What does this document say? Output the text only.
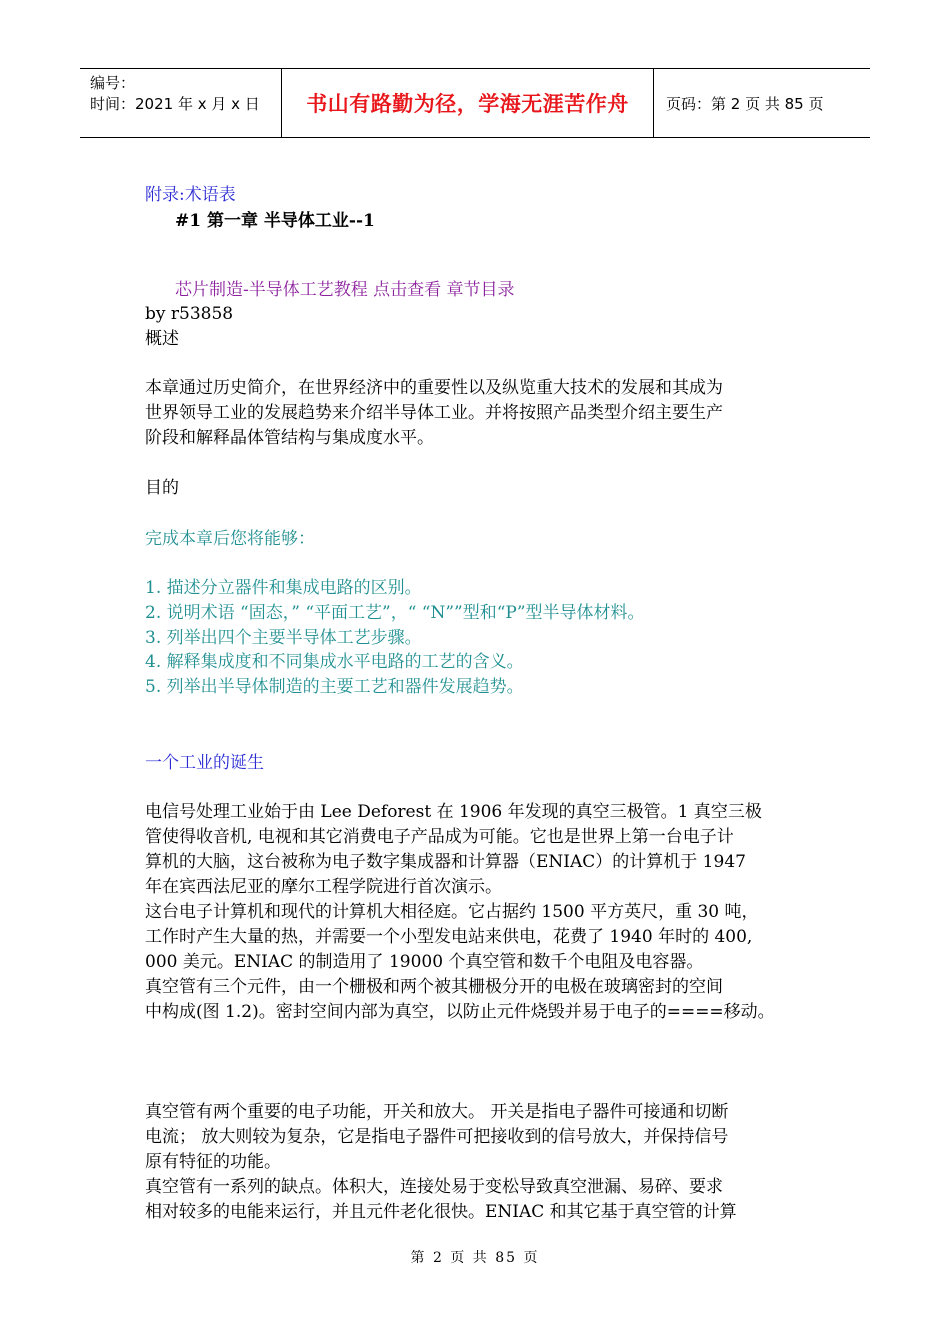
编号：
时间：2021 年 x 月 x 日	书山有路勤为径，学海无涯苦作舟	页码：第 2 页 共 85 页
附录:术语表
#1 第一章 半导体工业--1
芯片制造-半导体工艺教程 点击查看 章节目录
by r53858
概述
本章通过历史简介，在世界经济中的重要性以及纵览重大技术的发展和其成为
世界领导工业的发展趋势来介绍半导体工业。并将按照产品类型介绍主要生产
阶段和解释晶体管结构与集成度水平。
目的
完成本章后您将能够：
1. 描述分立器件和集成电路的区别。
2. 说明术语 “固态，” “平面工艺”，“ “N””型和“P”型半导体材料。
3. 列举出四个主要半导体工艺步骤。
4. 解释集成度和不同集成水平电路的工艺的含义。
5. 列举出半导体制造的主要工艺和器件发展趋势。
一个工业的诞生
电信号处理工业始于由 Lee Deforest 在 1906 年发现的真空三极管。1 真空三极
管使得收音机, 电视和其它消费电子产品成为可能。它也是世界上第一台电子计
算机的大脑，这台被称为电子数字集成器和计算器（ENIAC）的计算机于 1947
年在宾西法尼亚的摩尔工程学院进行首次演示。
这台电子计算机和现代的计算机大相径庭。它占据约 1500 平方英尺，重 30 吨，
工作时产生大量的热，并需要一个小型发电站来供电，花费了 1940 年时的 400,
000 美元。ENIAC 的制造用了 19000 个真空管和数千个电阻及电容器。
真空管有三个元件，由一个栅极和两个被其栅极分开的电极在玻璃密封的空间
中构成(图 1.2)。密封空间内部为真空，以防止元件烧毁并易于电子的====移动。
真空管有两个重要的电子功能，开关和放大。 开关是指电子器件可接通和切断
电流； 放大则较为复杂，它是指电子器件可把接收到的信号放大，并保持信号
原有特征的功能。
真空管有一系列的缺点。体积大，连接处易于变松导致真空泄漏、易碎、要求
相对较多的电能来运行，并且元件老化很快。ENIAC 和其它基于真空管的计算
第 2 页 共 85 页
